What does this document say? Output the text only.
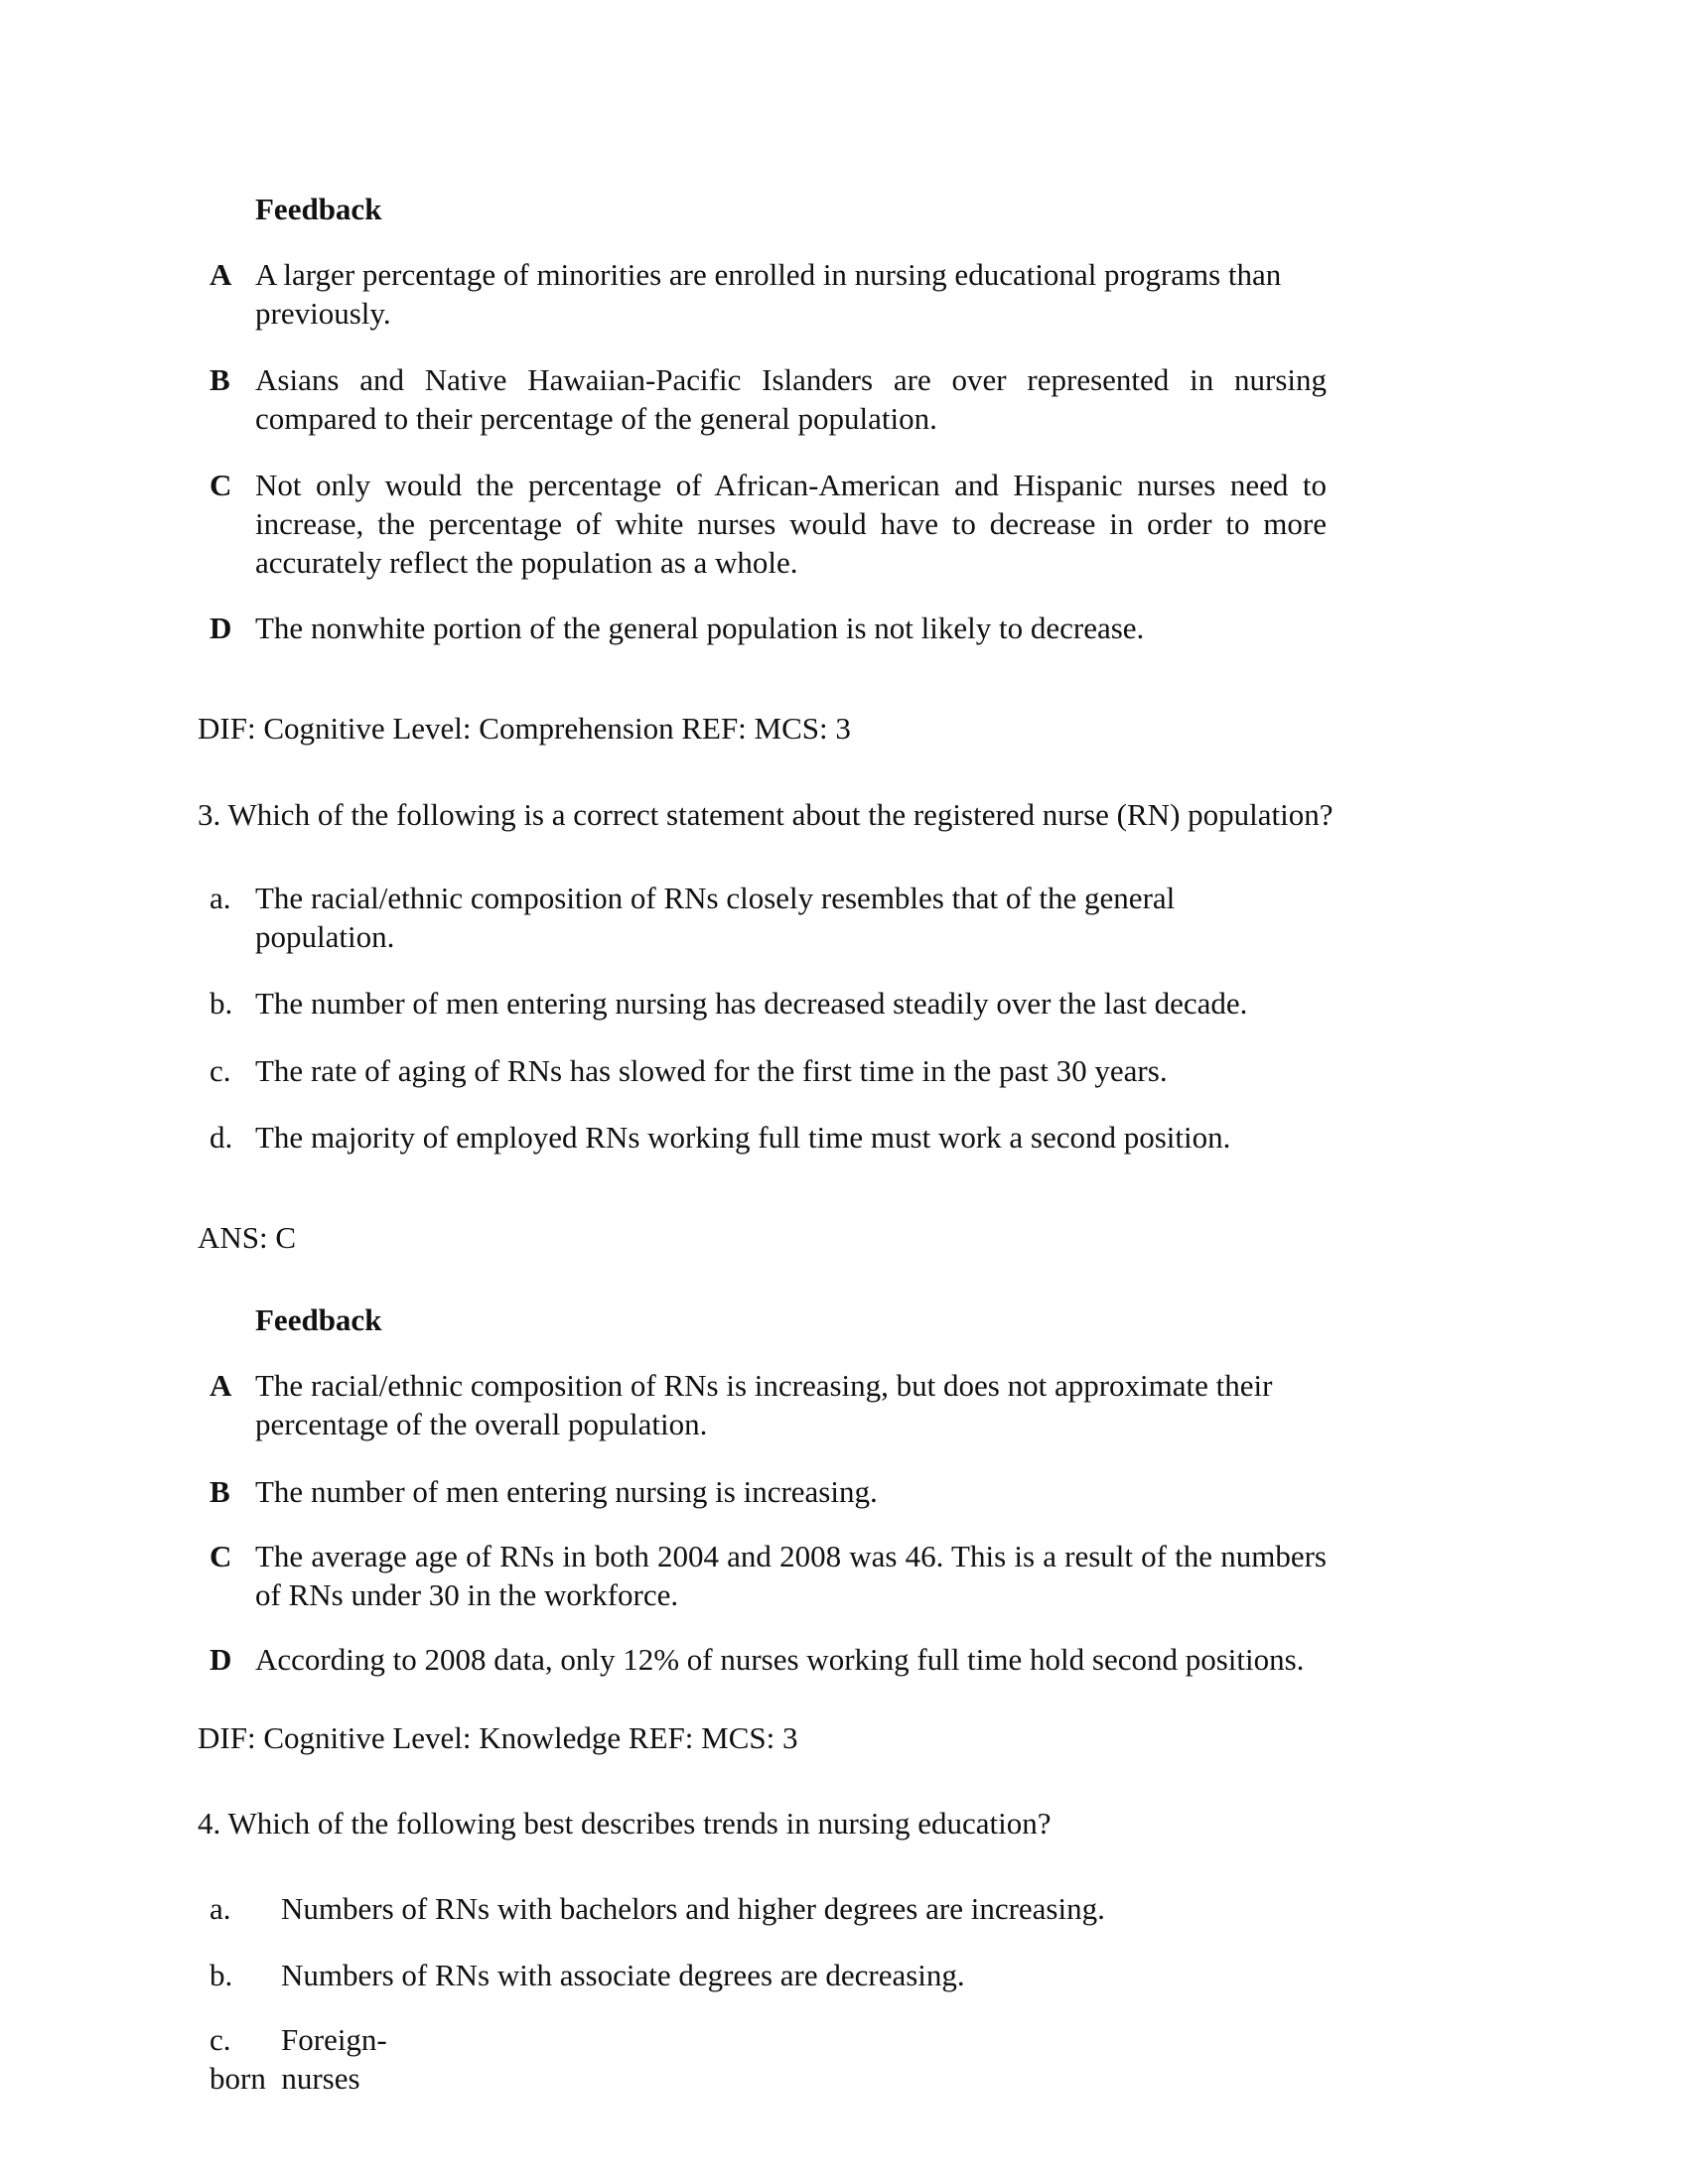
Feedback
A A larger percentage of minorities are enrolled in nursing educational programs than previously.
B Asians and Native Hawaiian-Pacific Islanders are over represented in nursing compared to their percentage of the general population.
C Not only would the percentage of African-American and Hispanic nurses need to increase, the percentage of white nurses would have to decrease in order to more accurately reflect the population as a whole.
D The nonwhite portion of the general population is not likely to decrease.
DIF: Cognitive Level: Comprehension REF: MCS: 3
3. Which of the following is a correct statement about the registered nurse (RN) population?
a. The racial/ethnic composition of RNs closely resembles that of the general population.
b. The number of men entering nursing has decreased steadily over the last decade.
c. The rate of aging of RNs has slowed for the first time in the past 30 years.
d. The majority of employed RNs working full time must work a second position.
ANS: C
Feedback
A The racial/ethnic composition of RNs is increasing, but does not approximate their percentage of the overall population.
B The number of men entering nursing is increasing.
C The average age of RNs in both 2004 and 2008 was 46. This is a result of the numbers of RNs under 30 in the workforce.
D According to 2008 data, only 12% of nurses working full time hold second positions.
DIF: Cognitive Level: Knowledge REF: MCS: 3
4. Which of the following best describes trends in nursing education?
a. Numbers of RNs with bachelors and higher degrees are increasing.
b. Numbers of RNs with associate degrees are decreasing.
c. Foreign-
born  nurses
